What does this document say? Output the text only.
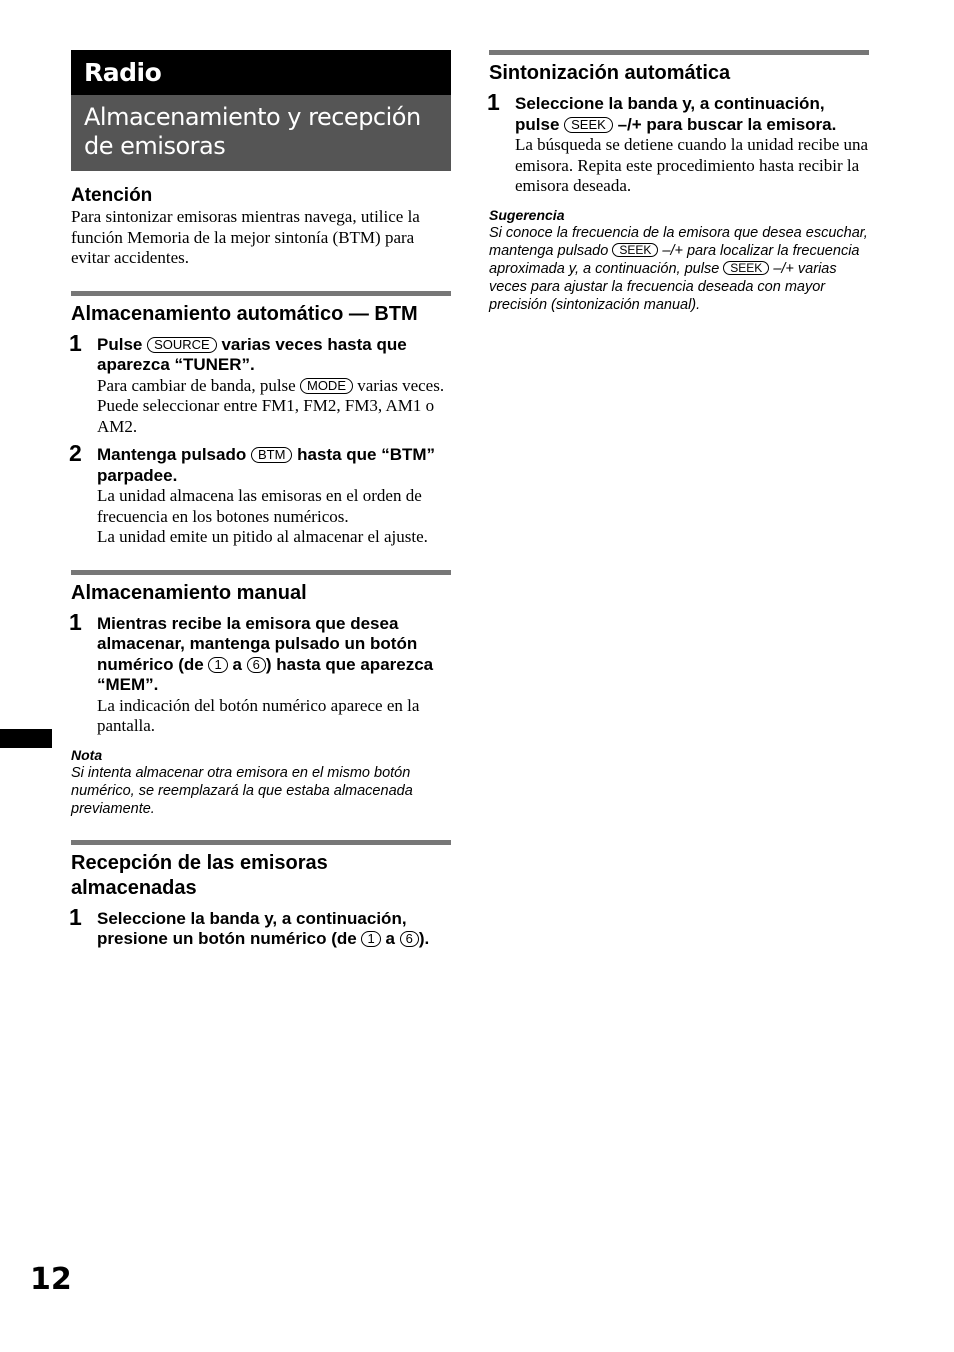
Radio
Almacenamiento y recepción de emisoras
Atención
Para sintonizar emisoras mientras navega, utilice la función Memoria de la mejor sintonía (BTM) para evitar accidentes.
Almacenamiento automático — BTM
1 Pulse SOURCE varias veces hasta que aparezca “TUNER”.
Para cambiar de banda, pulse MODE varias veces. Puede seleccionar entre FM1, FM2, FM3, AM1 o AM2.
2 Mantenga pulsado BTM hasta que “BTM” parpadee.
La unidad almacena las emisoras en el orden de frecuencia en los botones numéricos.
La unidad emite un pitido al almacenar el ajuste.
Almacenamiento manual
1 Mientras recibe la emisora que desea almacenar, mantenga pulsado un botón numérico (de 1 a 6 ) hasta que aparezca “MEM”.
La indicación del botón numérico aparece en la pantalla.
Nota
Si intenta almacenar otra emisora en el mismo botón numérico, se reemplazará la que estaba almacenada previamente.
Recepción de las emisoras almacenadas
1 Seleccione la banda y, a continuación, presione un botón numérico (de 1 a 6 ).
Sintonización automática
1 Seleccione la banda y, a continuación, pulse SEEK –/+ para buscar la emisora.
La búsqueda se detiene cuando la unidad recibe una emisora. Repita este procedimiento hasta recibir la emisora deseada.
Sugerencia
Si conoce la frecuencia de la emisora que desea escuchar, mantenga pulsado SEEK –/+ para localizar la frecuencia aproximada y, a continuación, pulse SEEK –/+ varias veces para ajustar la frecuencia deseada con mayor precisión (sintonización manual).
12
